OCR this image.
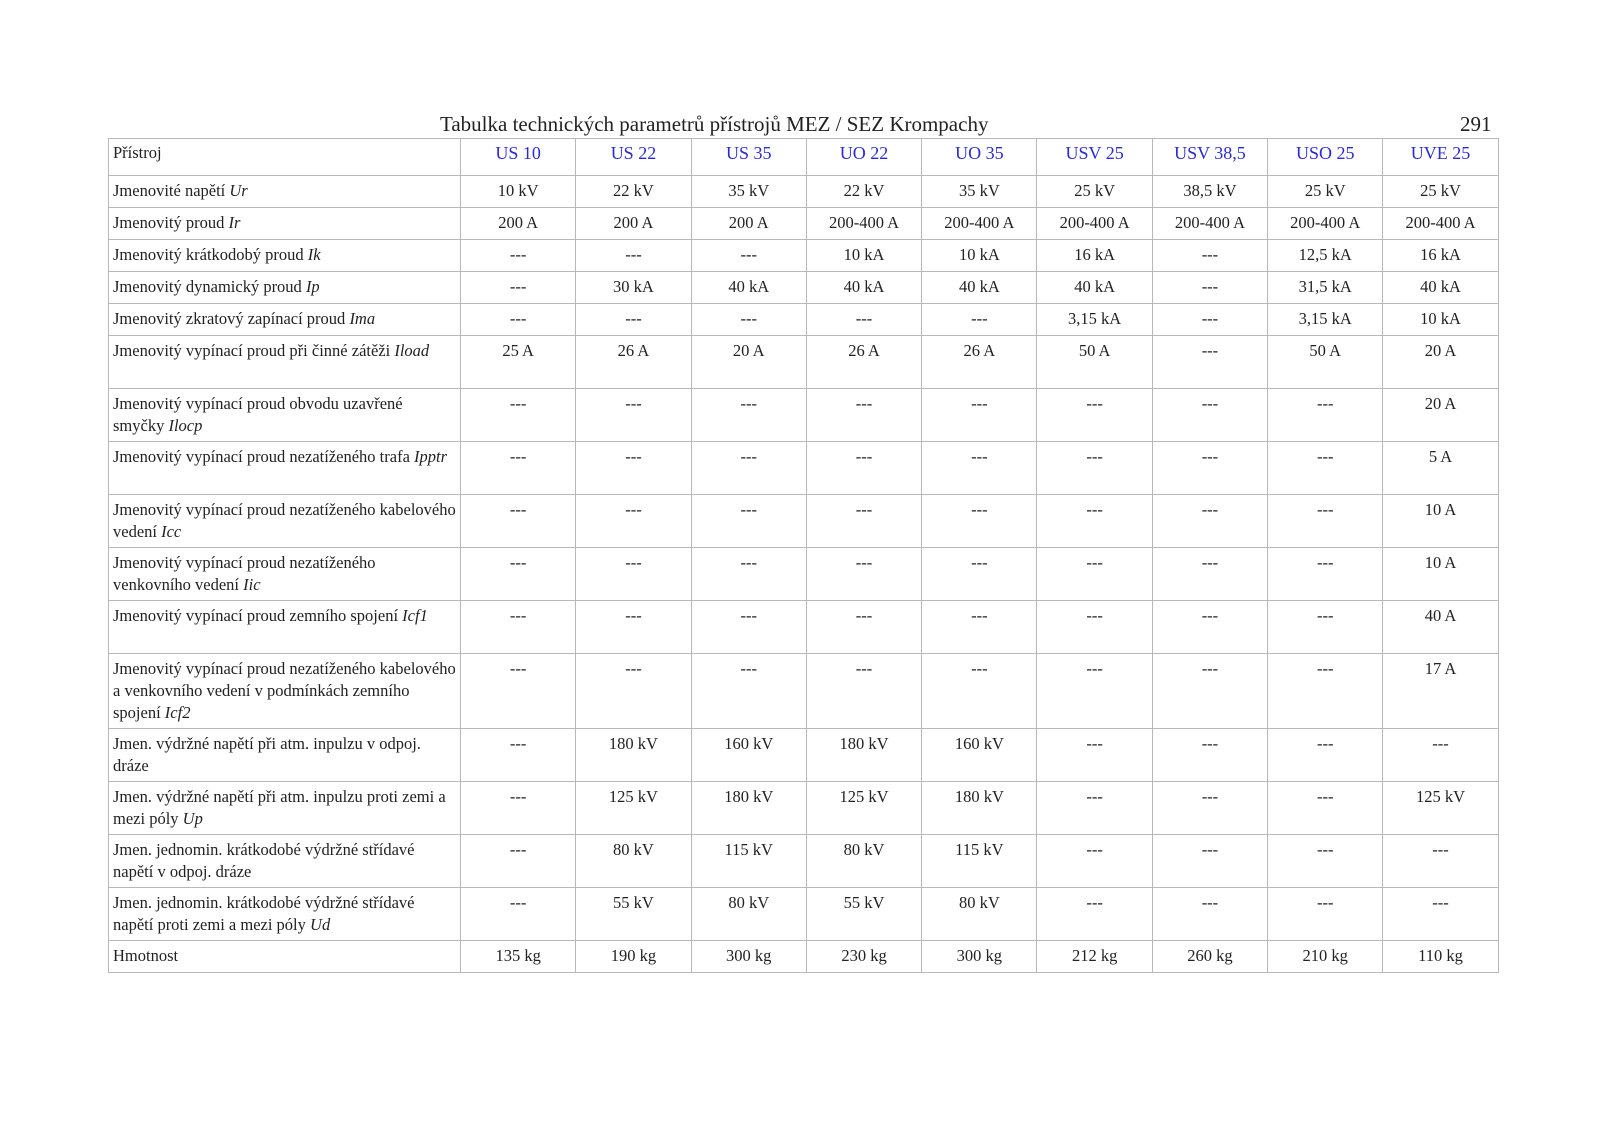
Tabulka technických parametrů přístrojů MEZ / SEZ Krompachy	291
Přístroj	US 10	US 22	US 35	UO 22	UO 35	USV 25	USV 38,5	USO 25	UVE 25
Jmenovité napětí Ur	10 kV	22 kV	35 kV	22 kV	35 kV	25 kV	38,5 kV	25 kV	25 kV
Jmenovitý proud Ir	200 A	200 A	200 A	200-400 A	200-400 A	200-400 A	200-400 A	200-400 A	200-400 A
Jmenovitý krátkodobý proud Ik	---	---	---	10 kA	10 kA	16 kA	---	12,5 kA	16 kA
Jmenovitý dynamický proud Ip	---	30 kA	40 kA	40 kA	40 kA	40 kA	---	31,5 kA	40 kA
Jmenovitý zkratový zapínací proud Ima	---	---	---	---	---	3,15 kA	---	3,15 kA	10 kA
Jmenovitý vypínací proud při činné zátěži Iload	25 A	26 A	20 A	26 A	26 A	50 A	---	50 A	20 A
Jmenovitý vypínací proud obvodu uzavřené smyčky Ilocp	---	---	---	---	---	---	---	---	20 A
Jmenovitý vypínací proud nezatíženého trafa Ipptr	---	---	---	---	---	---	---	---	5 A
Jmenovitý vypínací proud nezatíženého kabelového vedení Icc	---	---	---	---	---	---	---	---	10 A
Jmenovitý vypínací proud nezatíženého venkovního vedení Iic	---	---	---	---	---	---	---	---	10 A
Jmenovitý vypínací proud zemního spojení Icf1	---	---	---	---	---	---	---	---	40 A
Jmenovitý vypínací proud nezatíženého kabelového a venkovního vedení v podmínkách zemního spojení Icf2	---	---	---	---	---	---	---	---	17 A
Jmen. výdržné napětí při atm. inpulzu v odpoj. dráze	---	180 kV	160 kV	180 kV	160 kV	---	---	---	---
Jmen. výdržné napětí při atm. inpulzu proti zemi a mezi póly Up	---	125 kV	180 kV	125 kV	180 kV	---	---	---	125 kV
Jmen. jednomin. krátkodobé výdržné střídavé napětí v odpoj. dráze	---	80 kV	115 kV	80 kV	115 kV	---	---	---	---
Jmen. jednomin. krátkodobé výdržné střídavé napětí proti zemi a mezi póly Ud	---	55 kV	80 kV	55 kV	80 kV	---	---	---	---
Hmotnost	135 kg	190 kg	300 kg	230 kg	300 kg	212 kg	260 kg	210 kg	110 kg
